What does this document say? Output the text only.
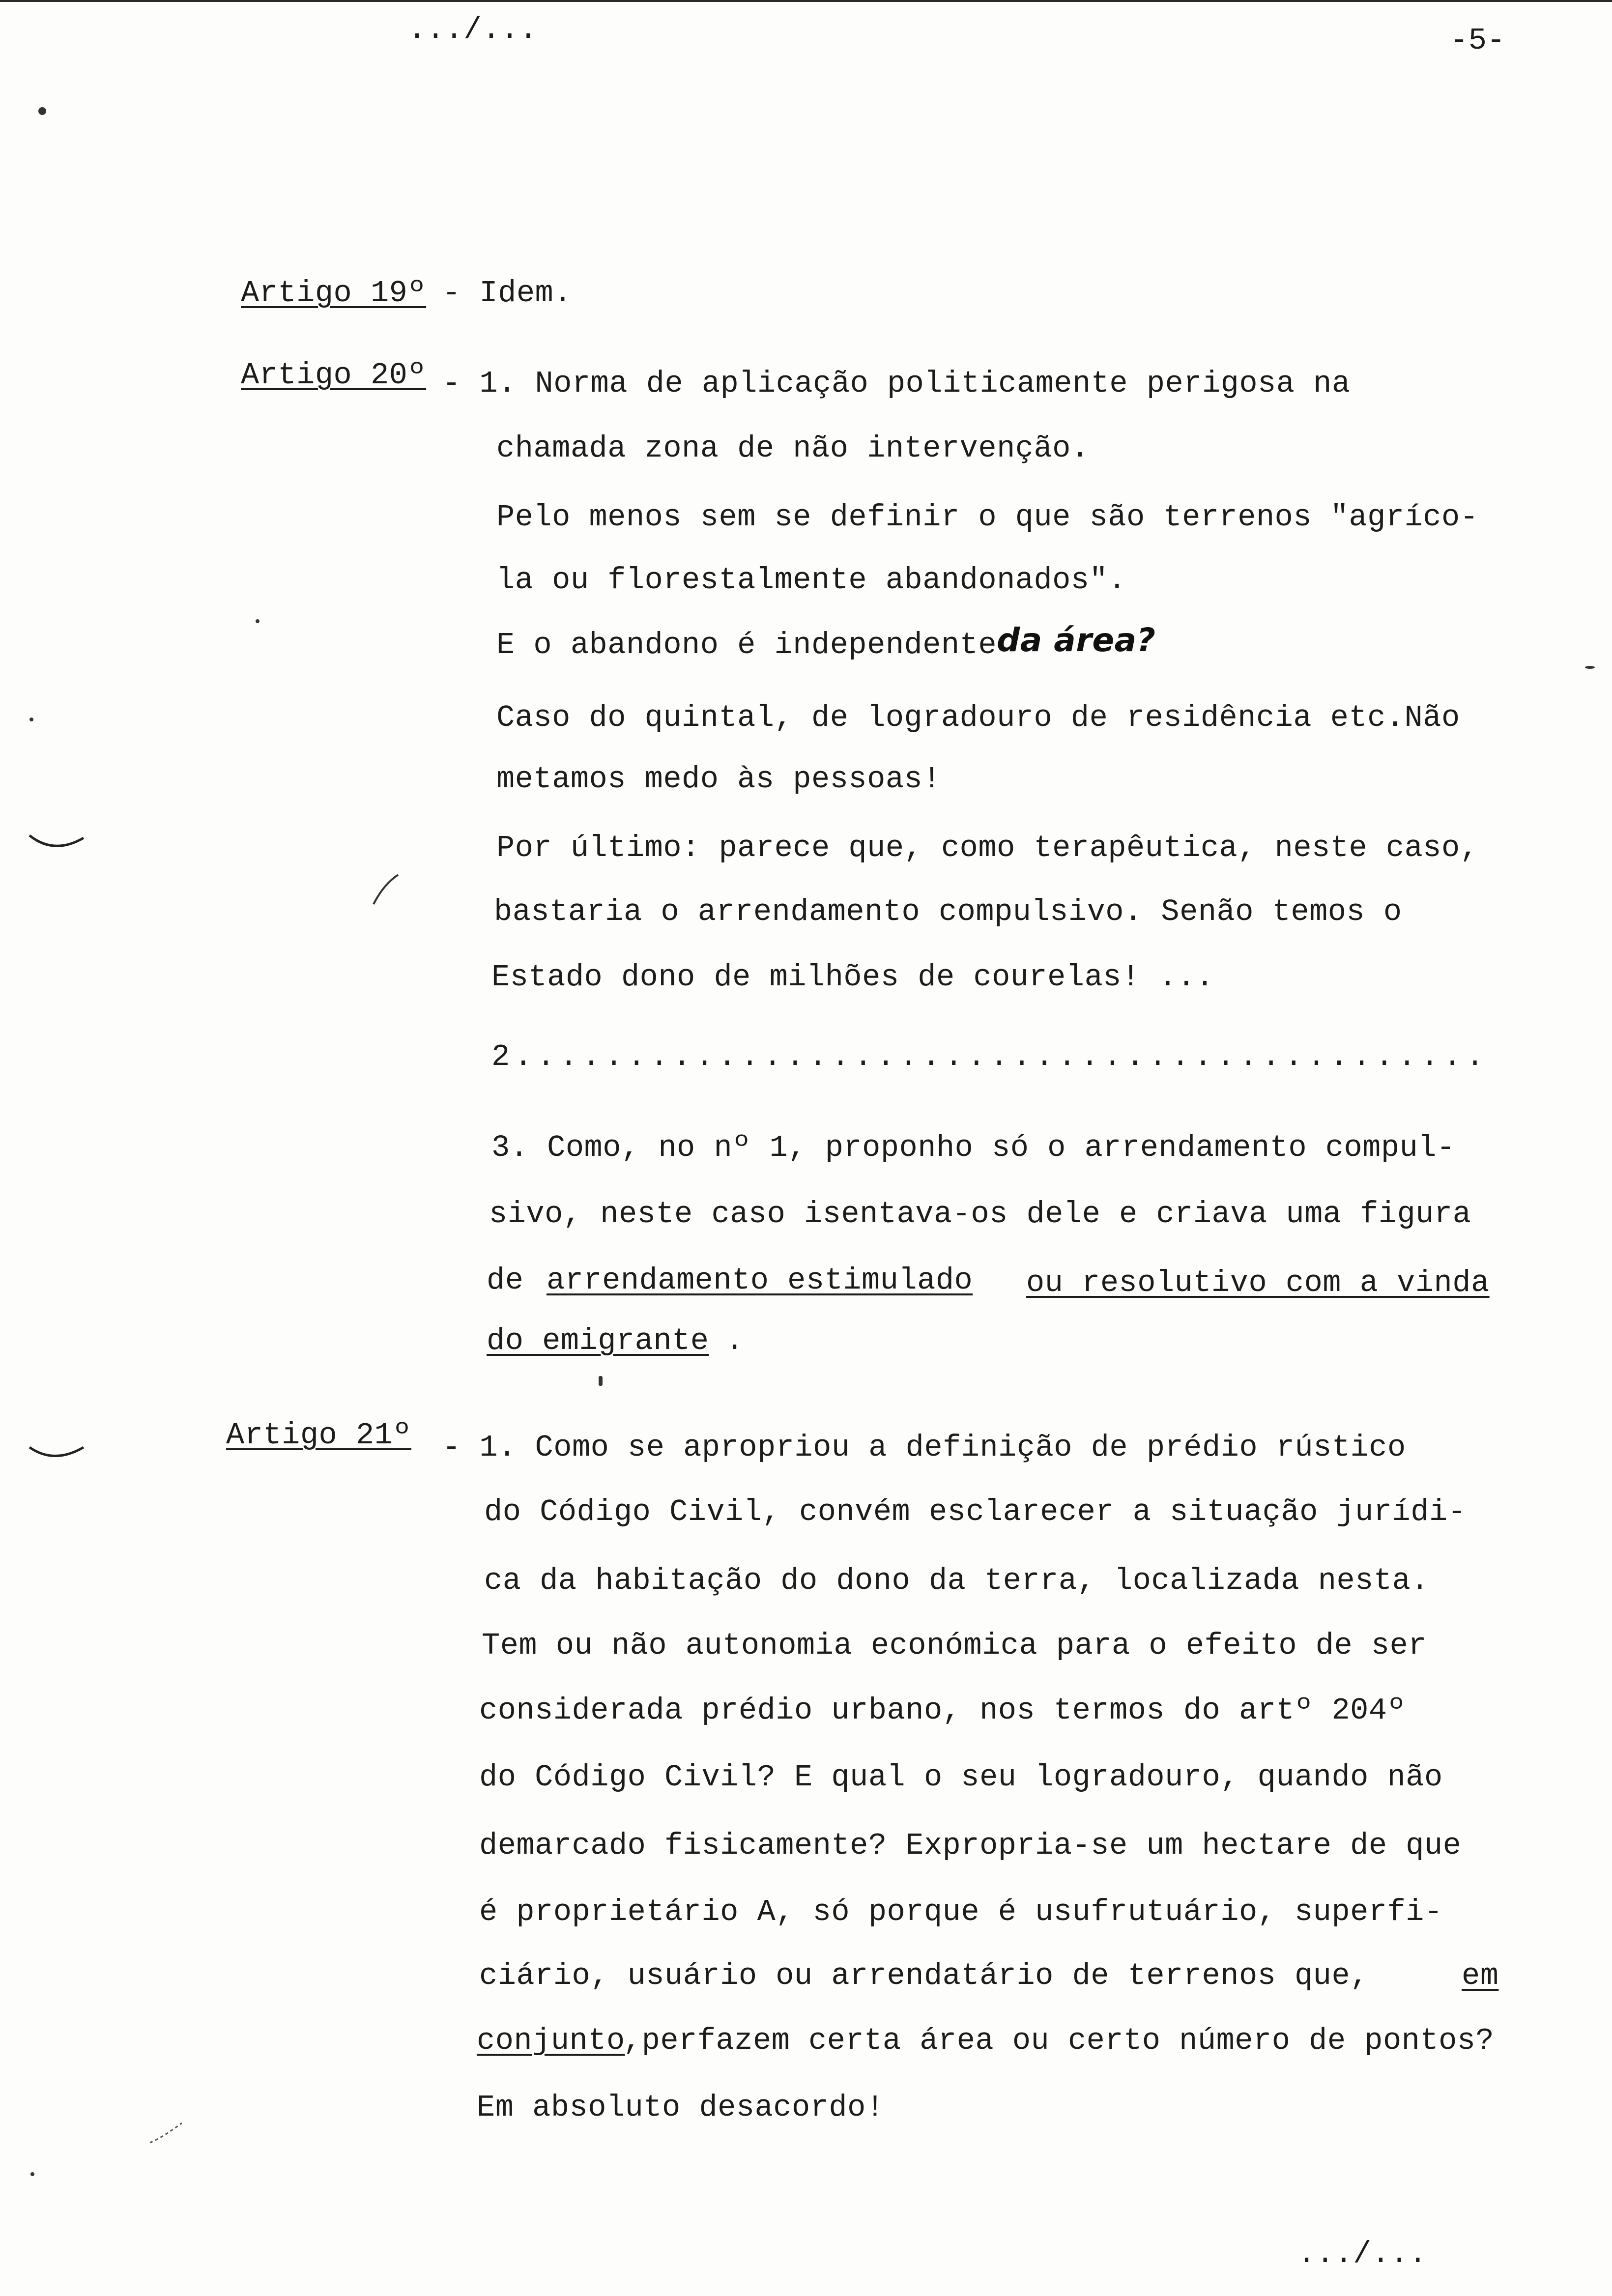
.../...	-5-
Artigo 19º - Idem.
Artigo 20º - 1. Norma de aplicação politicamente perigosa na
chamada zona de não intervenção.
Pelo menos sem se definir o que são terrenos "agríco-
la ou florestalmente abandonados".
E o abandono é independente da área?
Caso do quintal, de logradouro de residência etc.Não
metamos medo às pessoas!
Por último: parece que, como terapêutica, neste caso,
bastaria o arrendamento compulsivo. Senão temos o
Estado dono de milhões de courelas! ...
2...........................................
3. Como, no nº 1, proponho só o arrendamento compul-
sivo, neste caso isentava-os dele e criava uma figura
de arrendamento estimulado ou resolutivo com a vinda
do emigrante .
Artigo 21º - 1. Como se apropriou a definição de prédio rústico
do Código Civil, convém esclarecer a situação jurídi-
ca da habitação do dono da terra, localizada nesta.
Tem ou não autonomia económica para o efeito de ser
considerada prédio urbano, nos termos do artº 204º
do Código Civil? E qual o seu logradouro, quando não
demarcado fisicamente? Expropria-se um hectare de que
é proprietário A, só porque é usufrutuário, superfi-
ciário, usuário ou arrendatário de terrenos que,	em
conjunto
,perfazem certa área ou certo número de pontos?
Em absoluto desacordo!
.../...
